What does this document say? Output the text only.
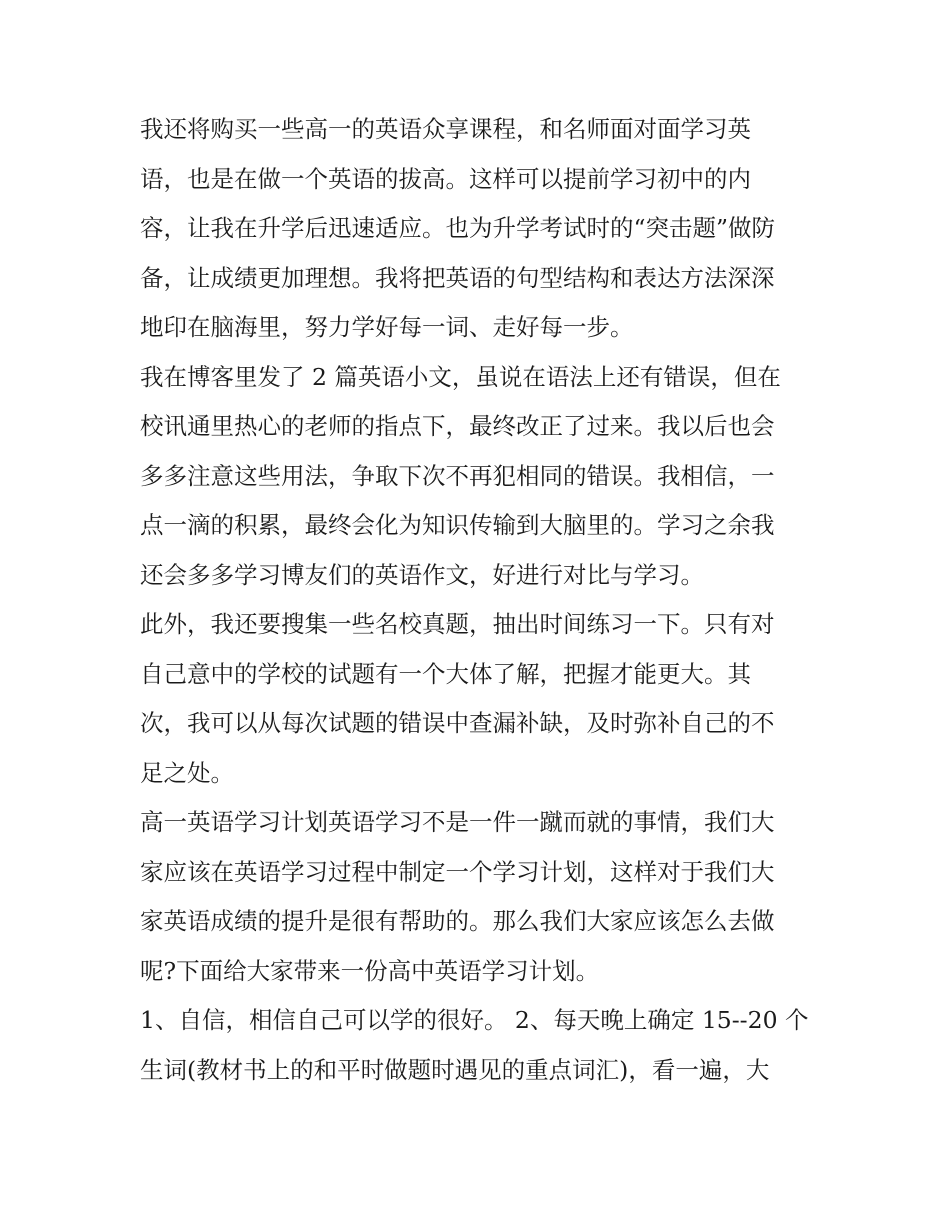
我还将购买一些高一的英语众享课程，和名师面对面学习英
语，也是在做一个英语的拔高。这样可以提前学习初中的内
容，让我在升学后迅速适应。也为升学考试时的“突击题”做防
备，让成绩更加理想。我将把英语的句型结构和表达方法深深
地印在脑海里，努力学好每一词、走好每一步。
我在博客里发了 2 篇英语小文，虽说在语法上还有错误，但在
校讯通里热心的老师的指点下，最终改正了过来。我以后也会
多多注意这些用法，争取下次不再犯相同的错误。我相信，一
点一滴的积累，最终会化为知识传输到大脑里的。学习之余我
还会多多学习博友们的英语作文，好进行对比与学习。
此外，我还要搜集一些名校真题，抽出时间练习一下。只有对
自己意中的学校的试题有一个大体了解，把握才能更大。其
次，我可以从每次试题的错误中查漏补缺，及时弥补自己的不
足之处。
高一英语学习计划英语学习不是一件一蹴而就的事情，我们大
家应该在英语学习过程中制定一个学习计划，这样对于我们大
家英语成绩的提升是很有帮助的。那么我们大家应该怎么去做
呢?下面给大家带来一份高中英语学习计划。
1、自信，相信自己可以学的很好。 2、每天晚上确定 15--20 个
生词(教材书上的和平时做题时遇见的重点词汇)，看一遍，大
